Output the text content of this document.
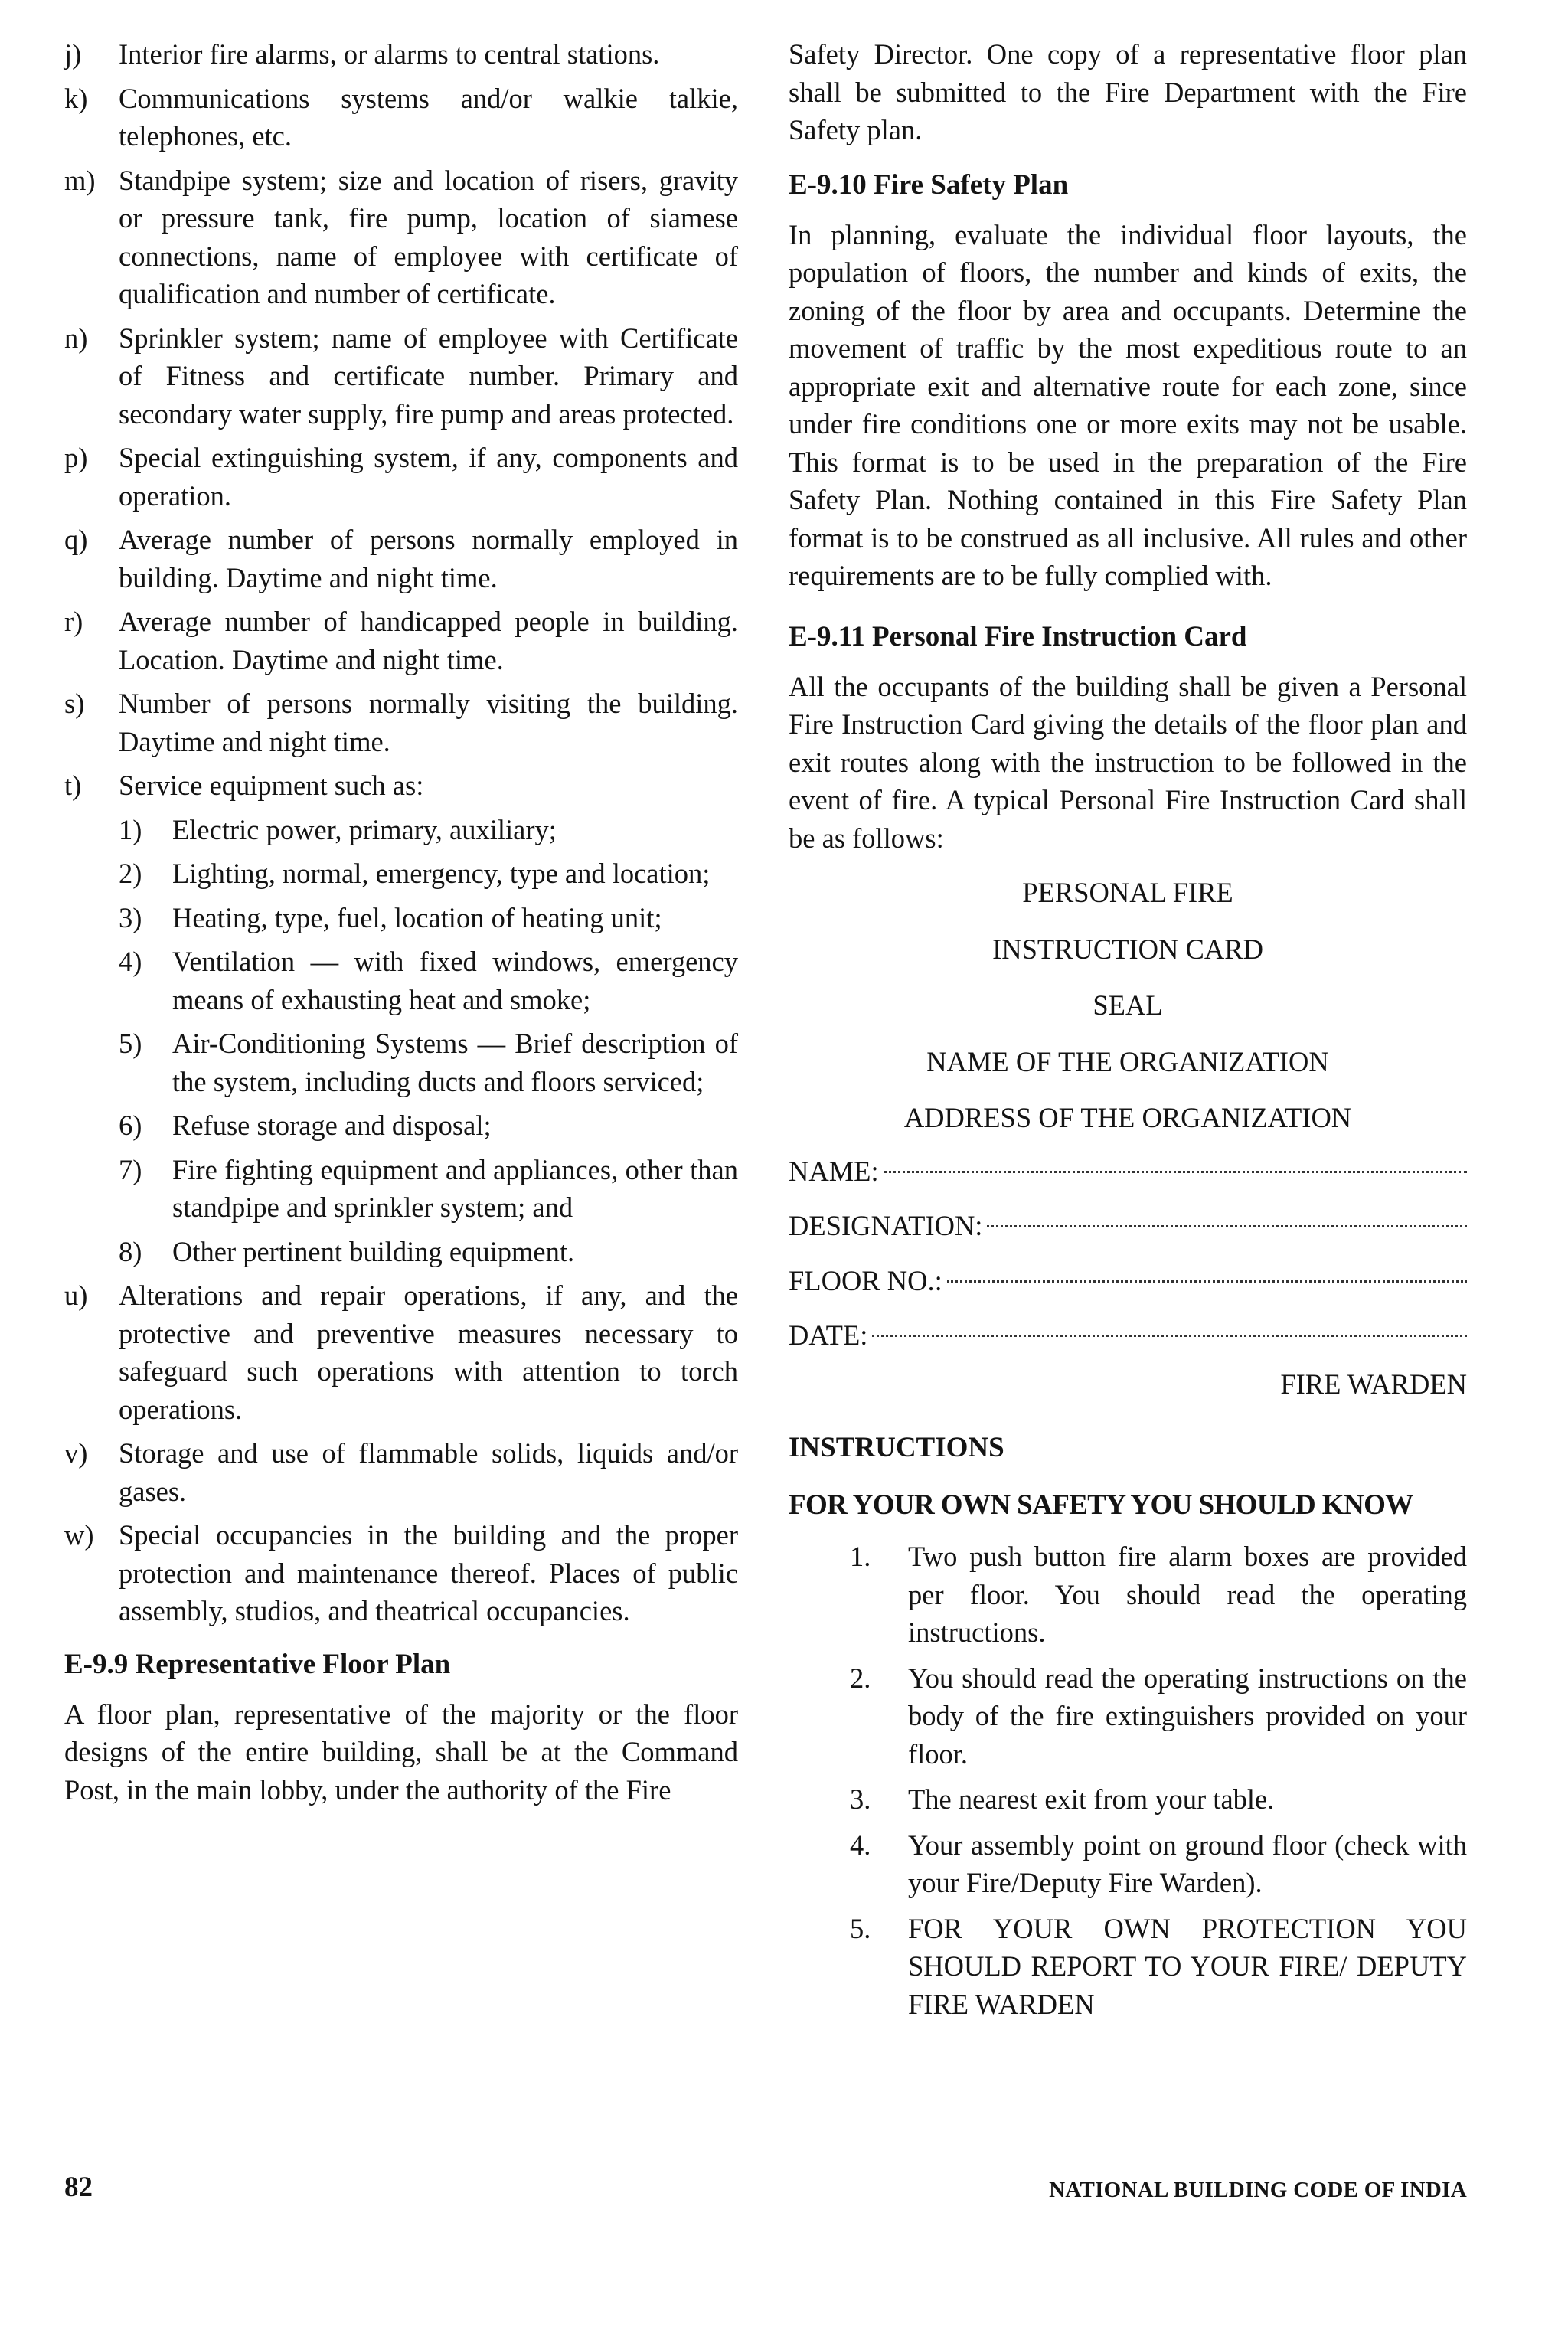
j)	Interior fire alarms, or alarms to central stations.
k)	Communications systems and/or walkie talkie, telephones, etc.
m) Standpipe system; size and location of risers, gravity or pressure tank, fire pump, location of siamese connections, name of employee with certificate of qualification and number of certificate.
n)	Sprinkler system; name of employee with Certificate of Fitness and certificate number. Primary and secondary water supply, fire pump and areas protected.
p)	Special extinguishing system, if any, components and operation.
q)	Average number of persons normally employed in building. Daytime and night time.
r)	Average number of handicapped people in building. Location. Daytime and night time.
s)	Number of persons normally visiting the building. Daytime and night time.
t)	Service equipment such as:
1)	Electric power, primary, auxiliary;
2)	Lighting, normal, emergency, type and location;
3)	Heating, type, fuel, location of heating unit;
4)	Ventilation — with fixed windows, emergency means of exhausting heat and smoke;
5)	Air-Conditioning Systems — Brief description of the system, including ducts and floors serviced;
6)	Refuse storage and disposal;
7)	Fire fighting equipment and appliances, other than standpipe and sprinkler system; and
8)	Other pertinent building equipment.
u)	Alterations and repair operations, if any, and the protective and preventive measures necessary to safeguard such operations with attention to torch operations.
v)	Storage and use of flammable solids, liquids and/or gases.
w) Special occupancies in the building and the proper protection and maintenance thereof. Places of public assembly, studios, and theatrical occupancies.
E-9.9 Representative Floor Plan

A floor plan, representative of the majority or the floor designs of the entire building, shall be at the Command Post, in the main lobby, under the authority of the Fire

Safety Director. One copy of a representative floor plan shall be submitted to the Fire Department with the Fire Safety plan.

E-9.10 Fire Safety Plan

In planning, evaluate the individual floor layouts, the population of floors, the number and kinds of exits, the zoning of the floor by area and occupants. Determine the movement of traffic by the most expeditious route to an appropriate exit and alternative route for each zone, since under fire conditions one or more exits may not be usable. This format is to be used in the preparation of the Fire Safety Plan. Nothing contained in this Fire Safety Plan format is to be construed as all inclusive. All rules and other requirements are to be fully complied with.

E-9.11 Personal Fire Instruction Card

All the occupants of the building shall be given a Personal Fire Instruction Card giving the details of the floor plan and exit routes along with the instruction to be followed in the event of fire. A typical Personal Fire Instruction Card shall be as follows:

PERSONAL FIRE
INSTRUCTION CARD
SEAL
NAME OF THE ORGANIZATION
ADDRESS OF THE ORGANIZATION
NAME:
DESIGNATION:
FLOOR NO.:
DATE:
FIRE WARDEN
INSTRUCTIONS
FOR YOUR OWN SAFETY YOU SHOULD KNOW
1.	Two push button fire alarm boxes are provided per floor. You should read the operating instructions.
2.	You should read the operating instructions on the body of the fire extinguishers provided on your floor.
3.	The nearest exit from your table.
4.	Your assembly point on ground floor (check with your Fire/Deputy Fire Warden).
5.	FOR YOUR OWN PROTECTION YOU SHOULD REPORT TO YOUR FIRE/ DEPUTY FIRE WARDEN
82	NATIONAL BUILDING CODE OF INDIA
